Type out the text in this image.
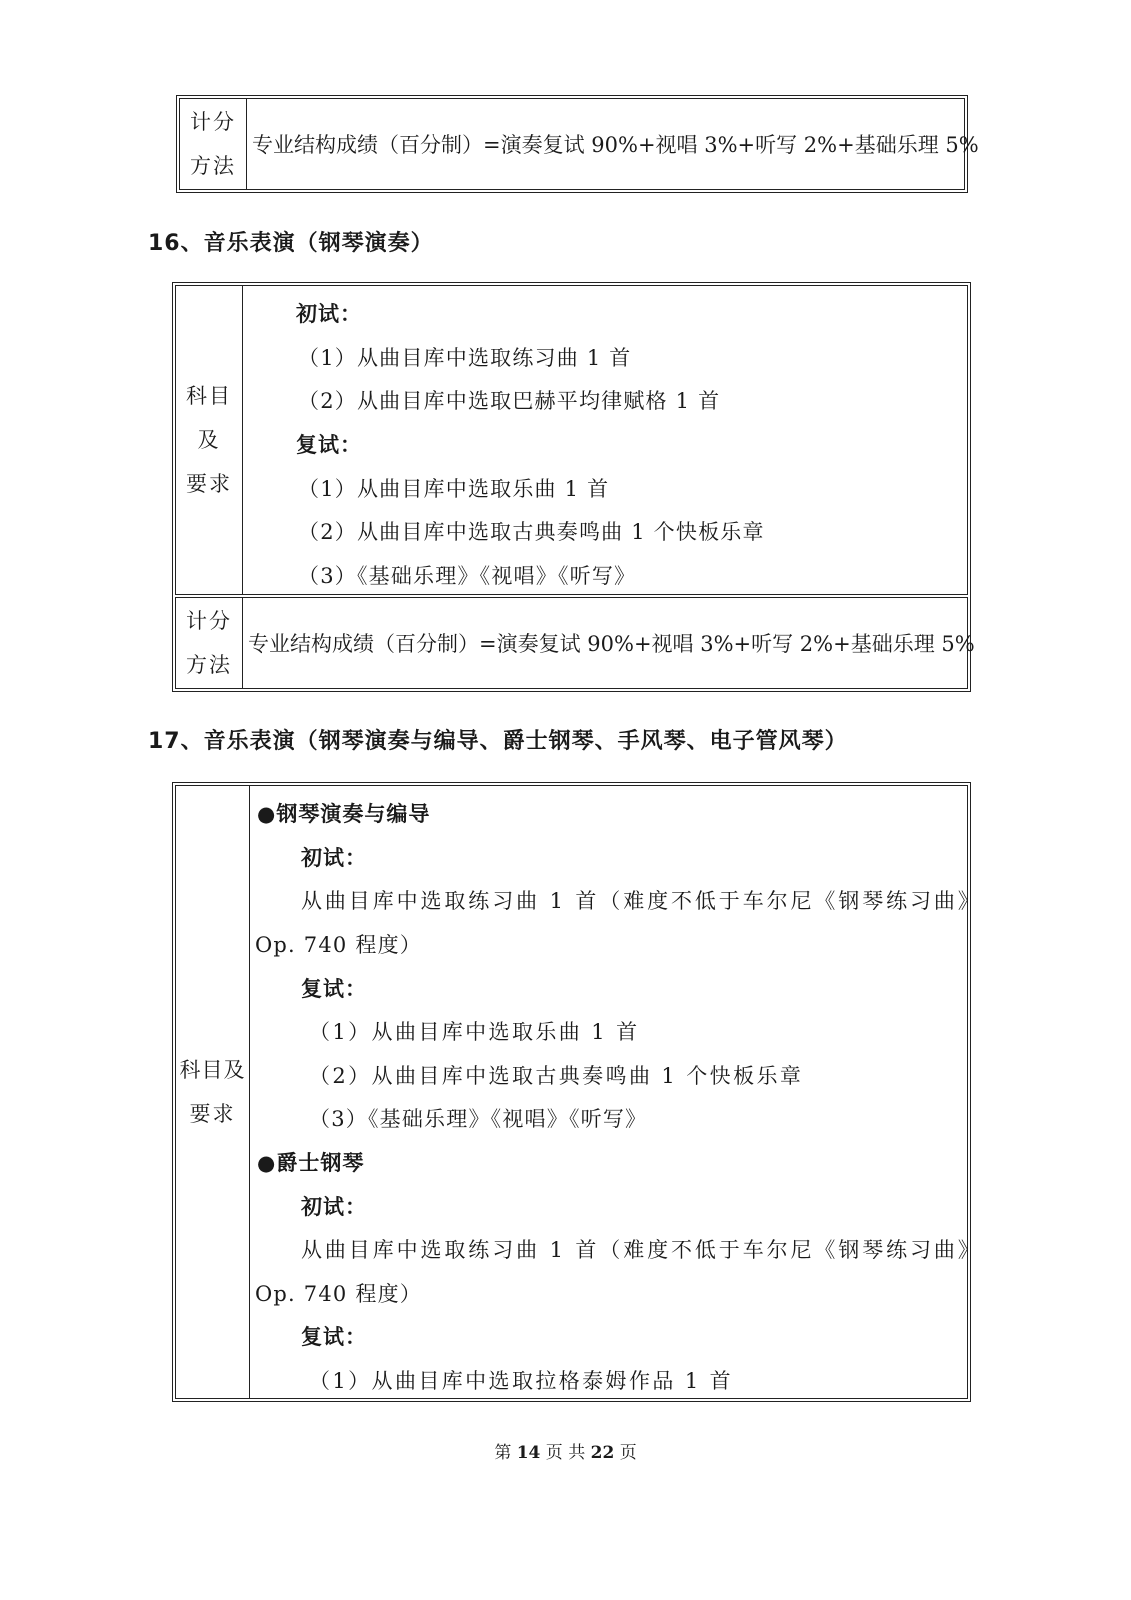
计分
方法
专业结构成绩（百分制）=演奏复试 90%+视唱 3%+听写 2%+基础乐理 5%
16、音乐表演（钢琴演奏）
科目
及
要求
初试：
（1）从曲目库中选取练习曲 1 首
（2）从曲目库中选取巴赫平均律赋格 1 首
复试：
（1）从曲目库中选取乐曲 1 首
（2）从曲目库中选取古典奏鸣曲 1 个快板乐章
（3）《基础乐理》《视唱》《听写》
计分
方法
专业结构成绩（百分制）=演奏复试 90%+视唱 3%+听写 2%+基础乐理 5%
17、音乐表演（钢琴演奏与编导、爵士钢琴、手风琴、电子管风琴）
科目及
要求
●钢琴演奏与编导
初试：
从曲目库中选取练习曲 1 首（难度不低于车尔尼《钢琴练习曲》
Op. 740 程度）
复试：
（1）从曲目库中选取乐曲 1 首
（2）从曲目库中选取古典奏鸣曲 1 个快板乐章
（3）《基础乐理》《视唱》《听写》
●爵士钢琴
初试：
从曲目库中选取练习曲 1 首（难度不低于车尔尼《钢琴练习曲》
Op. 740 程度）
复试：
（1）从曲目库中选取拉格泰姆作品 1 首
第 14 页 共 22 页
